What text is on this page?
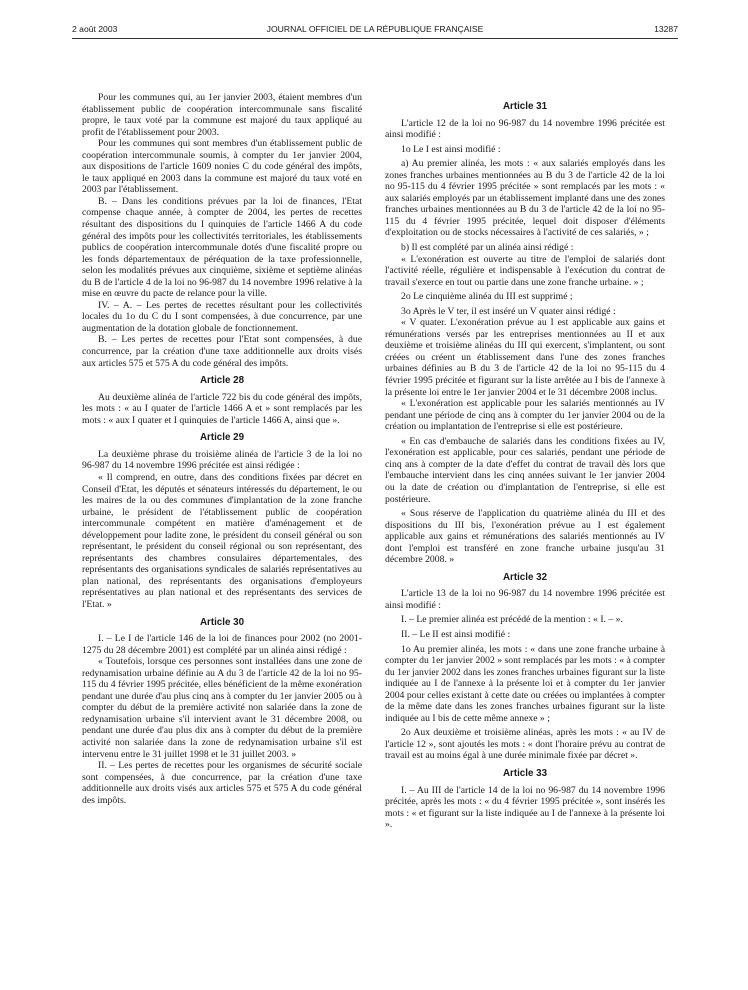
2 août 2003	JOURNAL OFFICIEL DE LA RÉPUBLIQUE FRANÇAISE	13287

Pour les communes qui, au 1er janvier 2003, étaient membres d'un établissement public de coopération intercommunale sans fiscalité propre, le taux voté par la commune est majoré du taux appliqué au profit de l'établissement pour 2003.

Pour les communes qui sont membres d'un établissement public de coopération intercommunale soumis, à compter du 1er janvier 2004, aux dispositions de l'article 1609 nonies C du code général des impôts, le taux appliqué en 2003 dans la commune est majoré du taux voté en 2003 par l'établissement.

B. – Dans les conditions prévues par la loi de finances, l'Etat compense chaque année, à compter de 2004, les pertes de recettes résultant des dispositions du I quinquies de l'article 1466 A du code général des impôts pour les collectivités territoriales, les établissements publics de coopération intercommunale dotés d'une fiscalité propre ou les fonds départementaux de péréquation de la taxe professionnelle, selon les modalités prévues aux cinquième, sixième et septième alinéas du B de l'article 4 de la loi no 96-987 du 14 novembre 1996 relative à la mise en œuvre du pacte de relance pour la ville.

IV. – A. – Les pertes de recettes résultant pour les collectivités locales du 1o du C du I sont compensées, à due concurrence, par une augmentation de la dotation globale de fonctionnement.

B. – Les pertes de recettes pour l'Etat sont compensées, à due concurrence, par la création d'une taxe additionnelle aux droits visés aux articles 575 et 575 A du code général des impôts.

Article 28

Au deuxième alinéa de l'article 722 bis du code général des impôts, les mots : « au I quater de l'article 1466 A et » sont remplacés par les mots : « aux I quater et I quinquies de l'article 1466 A, ainsi que ».

Article 29

La deuxième phrase du troisième alinéa de l'article 3 de la loi no 96-987 du 14 novembre 1996 précitée est ainsi rédigée :

« Il comprend, en outre, dans des conditions fixées par décret en Conseil d'Etat, les députés et sénateurs intéressés du département, le ou les maires de la ou des communes d'implantation de la zone franche urbaine, le président de l'établissement public de coopération intercommunale compétent en matière d'aménagement et de développement pour ladite zone, le président du conseil général ou son représentant, le président du conseil régional ou son représentant, des représentants des chambres consulaires départementales, des représentants des organisations syndicales de salariés représentatives au plan national, des représentants des organisations d'employeurs représentatives au plan national et des représentants des services de l'Etat. »

Article 30

I. – Le I de l'article 146 de la loi de finances pour 2002 (no 2001-1275 du 28 décembre 2001) est complété par un alinéa ainsi rédigé :

« Toutefois, lorsque ces personnes sont installées dans une zone de redynamisation urbaine définie au A du 3 de l'article 42 de la loi no 95-115 du 4 février 1995 précitée, elles bénéficient de la même exonération pendant une durée d'au plus cinq ans à compter du 1er janvier 2005 ou à compter du début de la première activité non salariée dans la zone de redynamisation urbaine s'il intervient avant le 31 décembre 2008, ou pendant une durée d'au plus dix ans à compter du début de la première activité non salariée dans la zone de redynamisation urbaine s'il est intervenu entre le 31 juillet 1998 et le 31 juillet 2003. »

II. – Les pertes de recettes pour les organismes de sécurité sociale sont compensées, à due concurrence, par la création d'une taxe additionnelle aux droits visés aux articles 575 et 575 A du code général des impôts.

Article 31

L'article 12 de la loi no 96-987 du 14 novembre 1996 précitée est ainsi modifié :

1o Le I est ainsi modifié :

a) Au premier alinéa, les mots : « aux salariés employés dans les zones franches urbaines mentionnées au B du 3 de l'article 42 de la loi no 95-115 du 4 février 1995 précitée » sont remplacés par les mots : « aux salariés employés par un établissement implanté dans une des zones franches urbaines mentionnées au B du 3 de l'article 42 de la loi no 95-115 du 4 février 1995 précitée, lequel doit disposer d'éléments d'exploitation ou de stocks nécessaires à l'activité de ces salariés, » ;

b) Il est complété par un alinéa ainsi rédigé :

« L'exonération est ouverte au titre de l'emploi de salariés dont l'activité réelle, régulière et indispensable à l'exécution du contrat de travail s'exerce en tout ou partie dans une zone franche urbaine. » ;

2o Le cinquième alinéa du III est supprimé ;

3o Après le V ter, il est inséré un V quater ainsi rédigé :

« V quater. L'exonération prévue au I est applicable aux gains et rémunérations versés par les entreprises mentionnées au II et aux deuxième et troisième alinéas du III qui exercent, s'implantent, ou sont créées ou créent un établissement dans l'une des zones franches urbaines définies au B du 3 de l'article 42 de la loi no 95-115 du 4 février 1995 précitée et figurant sur la liste arrêtée au I bis de l'annexe à la présente loi entre le 1er janvier 2004 et le 31 décembre 2008 inclus.

« L'exonération est applicable pour les salariés mentionnés au IV pendant une période de cinq ans à compter du 1er janvier 2004 ou de la création ou implantation de l'entreprise si elle est postérieure.

« En cas d'embauche de salariés dans les conditions fixées au IV, l'exonération est applicable, pour ces salariés, pendant une période de cinq ans à compter de la date d'effet du contrat de travail dès lors que l'embauche intervient dans les cinq années suivant le 1er janvier 2004 ou la date de création ou d'implantation de l'entreprise, si elle est postérieure.

« Sous réserve de l'application du quatrième alinéa du III et des dispositions du III bis, l'exonération prévue au I est également applicable aux gains et rémunérations des salariés mentionnés au IV dont l'emploi est transféré en zone franche urbaine jusqu'au 31 décembre 2008. »

Article 32

L'article 13 de la loi no 96-987 du 14 novembre 1996 précitée est ainsi modifié :

I. – Le premier alinéa est précédé de la mention : « I. – ».

II. – Le II est ainsi modifié :

1o Au premier alinéa, les mots : « dans une zone franche urbaine à compter du 1er janvier 2002 » sont remplacés par les mots : « à compter du 1er janvier 2002 dans les zones franches urbaines figurant sur la liste indiquée au I de l'annexe à la présente loi et à compter du 1er janvier 2004 pour celles existant à cette date ou créées ou implantées à compter de la même date dans les zones franches urbaines figurant sur la liste indiquée au I bis de cette même annexe » ;

2o Aux deuxième et troisième alinéas, après les mots : « au IV de l'article 12 », sont ajoutés les mots : « dont l'horaire prévu au contrat de travail est au moins égal à une durée minimale fixée par décret ».

Article 33

I. – Au III de l'article 14 de la loi no 96-987 du 14 novembre 1996 précitée, après les mots : « du 4 février 1995 précitée », sont insérés les mots : « et figurant sur la liste indiquée au I de l'annexe à la présente loi ».
